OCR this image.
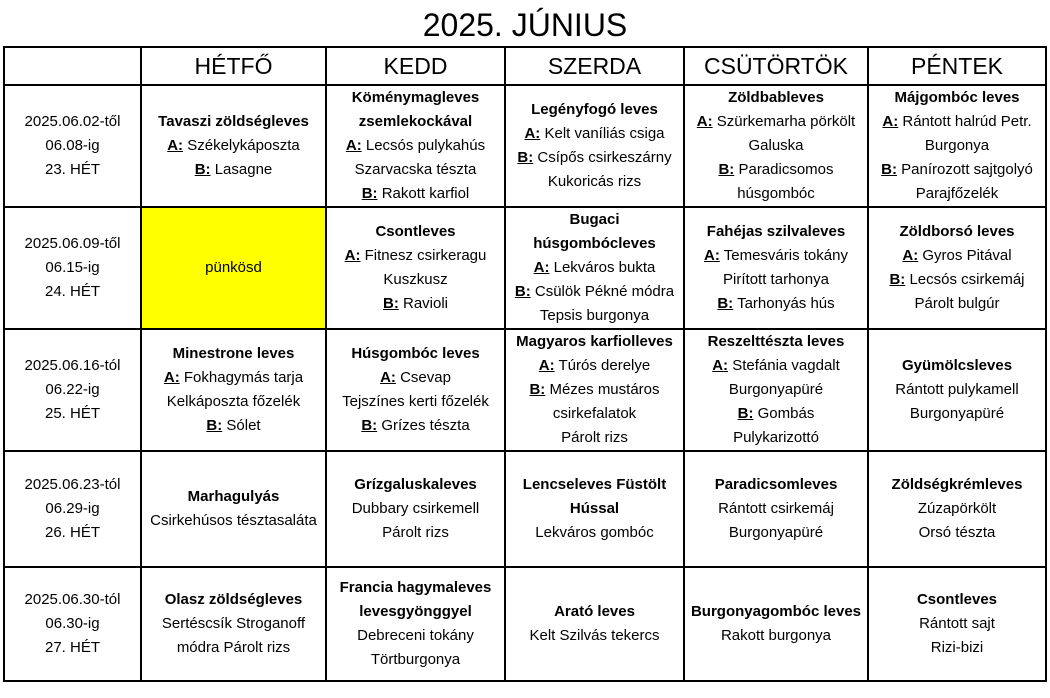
2025. JÚNIUS
	HÉTFŐ	KEDD	SZERDA	CSÜTÖRTÖK	PÉNTEK

2025.06.02-től
06.08-ig
23. HÉT	Tavaszi zöldségleves
A: Székelykáposzta
B: Lasagne	Köménymagleves zsemlekockával
A: Lecsós pulykahús
Szarvacska tészta
B: Rakott karfiol	Legényfogó leves
A: Kelt vaníliás csiga
B: Csípős csirkeszárny
Kukoricás rizs	Zöldbableves
A: Szürkemarha pörkölt
Galuska
B: Paradicsomos
húsgombóc	Májgombóc leves
A: Rántott halrúd Petr.
Burgonya
B: Panírozott sajtgolyó
Parajfőzelék

2025.06.09-től
06.15-ig
24. HÉT	pünkösd	Csontleves
A: Fitnesz csirkeragu
Kuszkusz
B: Ravioli	Bugaci
húsgombócleves
A: Lekváros bukta
B: Csülök Pékné módra
Tepsis burgonya	Fahéjas szilvaleves
A: Temesváris tokány
Pirított tarhonya
B: Tarhonyás hús	Zöldborsó leves
A: Gyros Pitával
B: Lecsós csirkemáj
Párolt bulgúr

2025.06.16-tól
06.22-ig
25. HÉT	Minestrone leves
A: Fokhagymás tarja
Kelkáposzta főzelék
B: Sólet	Húsgombóc leves
A: Csevap
Tejszínes kerti főzelék
B: Grízes tészta	Magyaros karfiolleves
A: Túrós derelye
B: Mézes mustáros
csirkefalatok
Párolt rizs	Reszelttészta leves
A: Stefánia vagdalt
Burgonyapüré
B: Gombás
Pulykarizottó	Gyümölcsleves
Rántott pulykamell
Burgonyapüré

2025.06.23-tól
06.29-ig
26. HÉT	Marhagulyás
Csirkehúsos tésztasaláta	Grízgaluskaleves
Dubbary csirkemell
Párolt rizs	Lencseleves Füstölt
Hússal
Lekváros gombóc	Paradicsomleves
Rántott csirkemáj
Burgonyapüré	Zöldségkrémleves
Zúzapörkölt
Orsó tészta

2025.06.30-tól
06.30-ig
27. HÉT	Olasz zöldségleves
Sertéscsík Stroganoff
módra Párolt rizs	Francia hagymaleves
levesgyönggyel
Debreceni tokány
Törtburgonya	Arató leves
Kelt Szilvás tekercs	Burgonyagombóc leves
Rakott burgonya	Csontleves
Rántott sajt
Rizi-bizi
